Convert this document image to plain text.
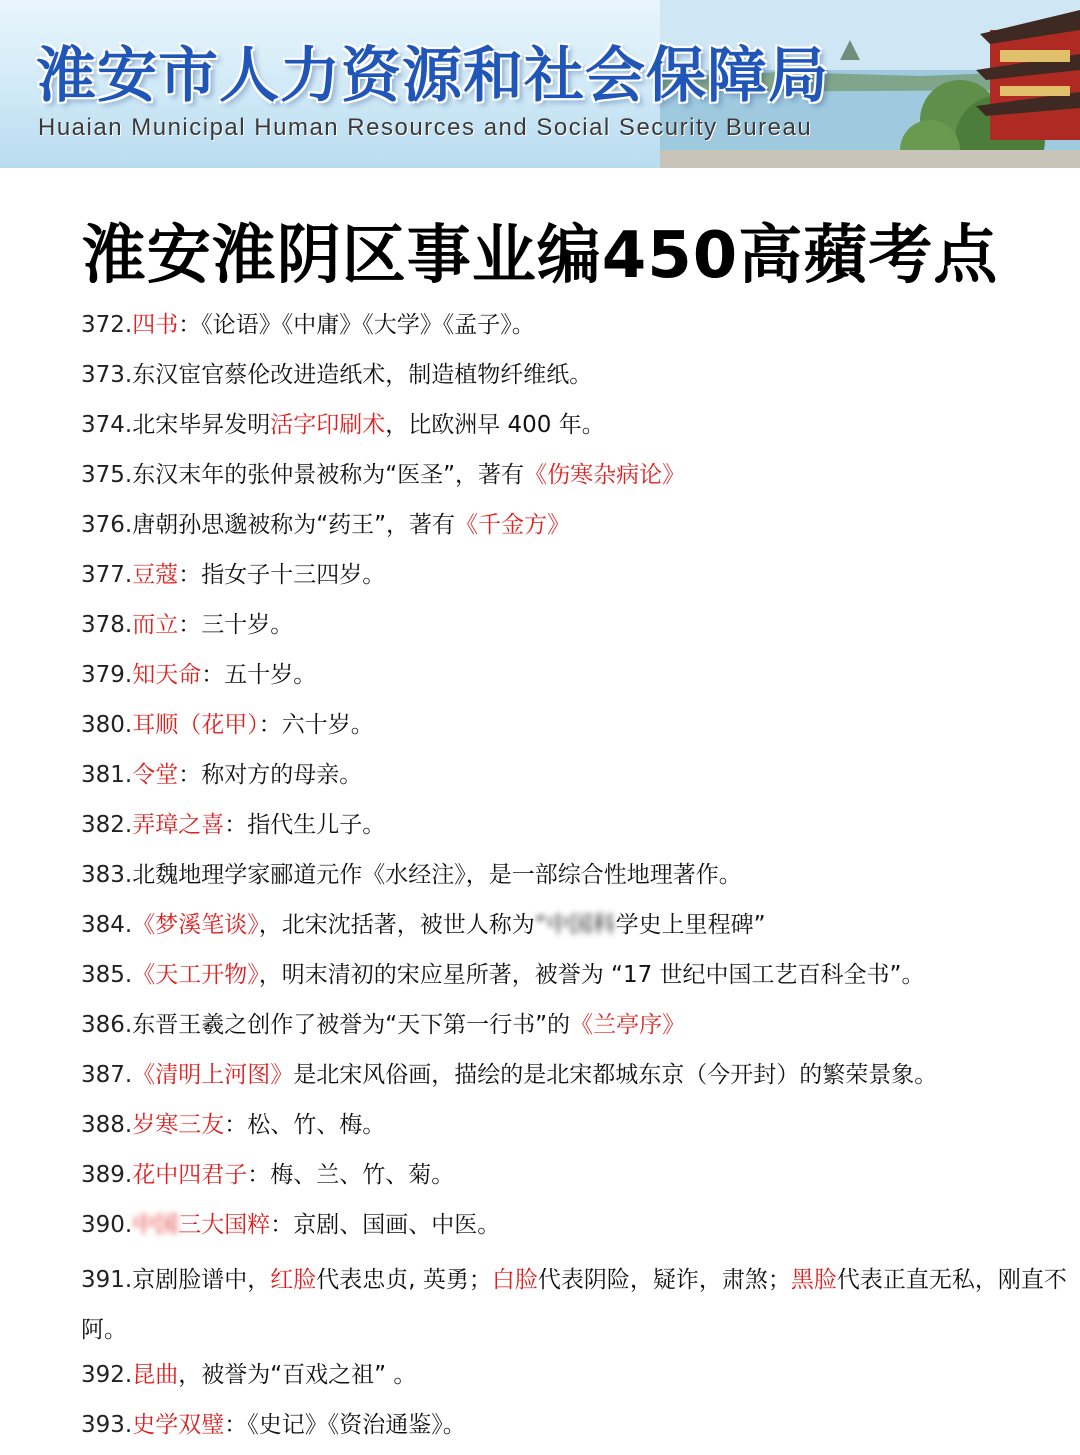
淮安市人力资源和社会保障局
Huaian Municipal Human Resources and Social Security Bureau
淮安淮阴区事业编450高蘋考点
372.四书：《论语》《中庸》《大学》《孟子》。
373.东汉宦官蔡伦改进造纸术，制造植物纤维纸。
374.北宋毕昇发明活字印刷术，比欧洲早 400 年。
375.东汉末年的张仲景被称为“医圣”，著有《伤寒杂病论》
376.唐朝孙思邈被称为“药王”，著有《千金方》
377.豆蔻：指女子十三四岁。
378.而立：三十岁。
379.知天命：五十岁。
380.耳顺（花甲）：六十岁。
381.令堂：称对方的母亲。
382.弄璋之喜：指代生儿子。
383.北魏地理学家郦道元作《水经注》，是一部综合性地理著作。
384.《梦溪笔谈》，北宋沈括著，被世人称为“中国科学史上里程碑”
385.《天工开物》，明末清初的宋应星所著，被誉为 “17 世纪中国工艺百科全书”。
386.东晋王羲之创作了被誉为“天下第一行书”的《兰亭序》
387.《清明上河图》是北宋风俗画，描绘的是北宋都城东京（今开封）的繁荣景象。
388.岁寒三友：松、竹、梅。
389.花中四君子：梅、兰、竹、菊。
390.中国三大国粹：京剧、国画、中医。
391.京剧脸谱中，红脸代表忠贞, 英勇；白脸代表阴险，疑诈，肃煞；黑脸代表正直无私，刚直不阿。
392.昆曲，被誉为“百戏之祖” 。
393.史学双璧：《史记》《资治通鉴》。
